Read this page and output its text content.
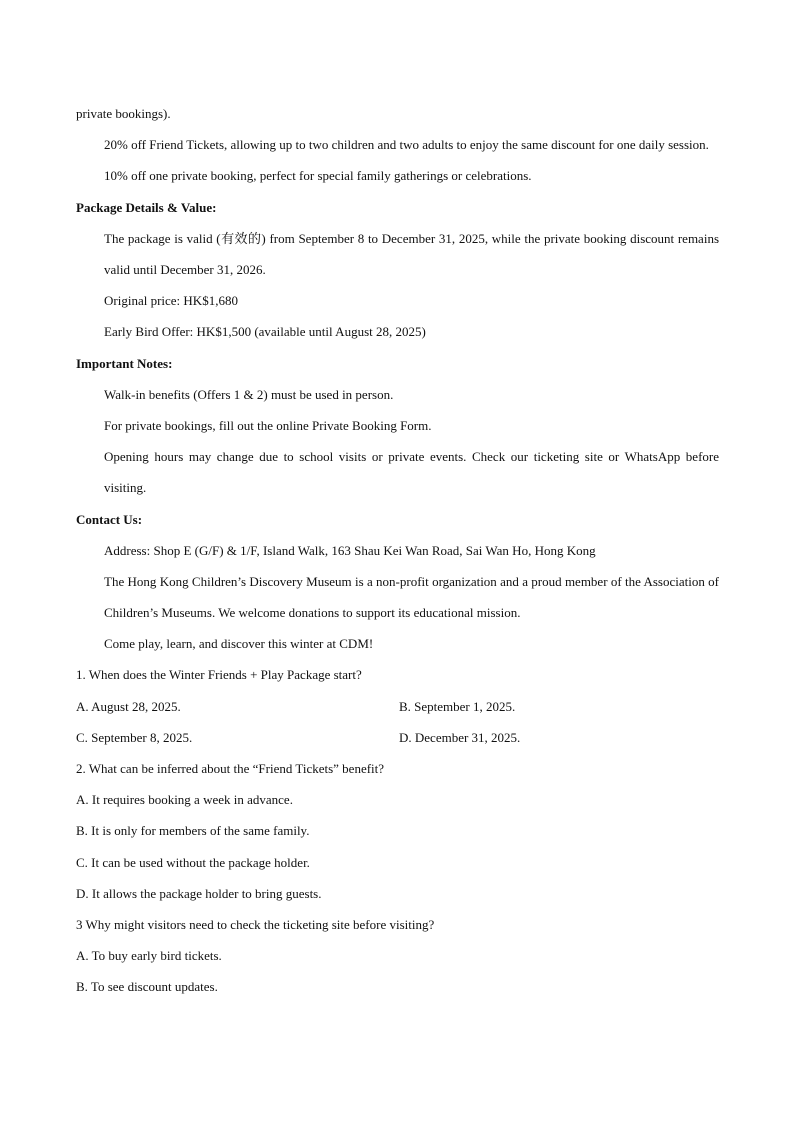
private bookings).
20% off Friend Tickets, allowing up to two children and two adults to enjoy the same discount for one daily session.
10% off one private booking, perfect for special family gatherings or celebrations.
Package Details & Value:
The package is valid (有效的) from September 8 to December 31, 2025, while the private booking discount remains valid until December 31, 2026.
Original price: HK$1,680
Early Bird Offer: HK$1,500 (available until August 28, 2025)
Important Notes:
Walk-in benefits (Offers 1 & 2) must be used in person.
For private bookings, fill out the online Private Booking Form.
Opening hours may change due to school visits or private events. Check our ticketing site or WhatsApp before visiting.
Contact Us:
Address: Shop E (G/F) & 1/F, Island Walk, 163 Shau Kei Wan Road, Sai Wan Ho, Hong Kong
The Hong Kong Children’s Discovery Museum is a non-profit organization and a proud member of the Association of Children’s Museums. We welcome donations to support its educational mission.
Come play, learn, and discover this winter at CDM!
1. When does the Winter Friends + Play Package start?
A. August 28, 2025.	B. September 1, 2025.
C. September 8, 2025.	D. December 31, 2025.
2. What can be inferred about the “Friend Tickets” benefit?
A. It requires booking a week in advance.
B. It is only for members of the same family.
C. It can be used without the package holder.
D. It allows the package holder to bring guests.
3 Why might visitors need to check the ticketing site before visiting?
A. To buy early bird tickets.
B. To see discount updates.
